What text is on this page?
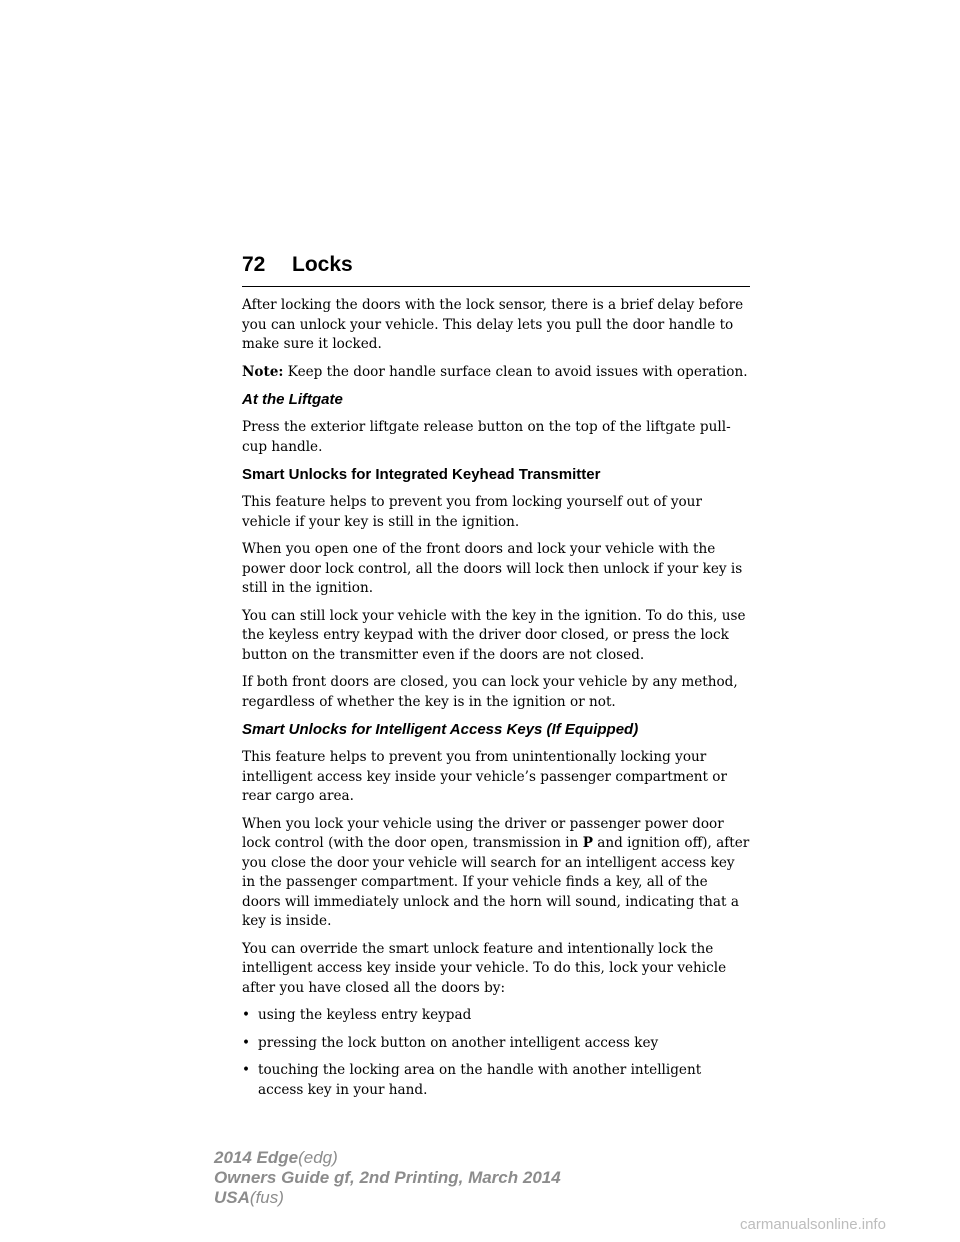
72 Locks

After locking the doors with the lock sensor, there is a brief delay before you can unlock your vehicle. This delay lets you pull the door handle to make sure it locked.

Note: Keep the door handle surface clean to avoid issues with operation.

At the Liftgate

Press the exterior liftgate release button on the top of the liftgate pull-cup handle.

Smart Unlocks for Integrated Keyhead Transmitter

This feature helps to prevent you from locking yourself out of your vehicle if your key is still in the ignition.

When you open one of the front doors and lock your vehicle with the power door lock control, all the doors will lock then unlock if your key is still in the ignition.

You can still lock your vehicle with the key in the ignition. To do this, use the keyless entry keypad with the driver door closed, or press the lock button on the transmitter even if the doors are not closed.

If both front doors are closed, you can lock your vehicle by any method, regardless of whether the key is in the ignition or not.

Smart Unlocks for Intelligent Access Keys (If Equipped)

This feature helps to prevent you from unintentionally locking your intelligent access key inside your vehicle’s passenger compartment or rear cargo area.

When you lock your vehicle using the driver or passenger power door lock control (with the door open, transmission in P and ignition off), after you close the door your vehicle will search for an intelligent access key in the passenger compartment. If your vehicle finds a key, all of the doors will immediately unlock and the horn will sound, indicating that a key is inside.

You can override the smart unlock feature and intentionally lock the intelligent access key inside your vehicle. To do this, lock your vehicle after you have closed all the doors by:

• using the keyless entry keypad
• pressing the lock button on another intelligent access key
• touching the locking area on the handle with another intelligent access key in your hand.
2014 Edge(edg)
Owners Guide gf, 2nd Printing, March 2014
USA(fus)
carmanualsonline.info
